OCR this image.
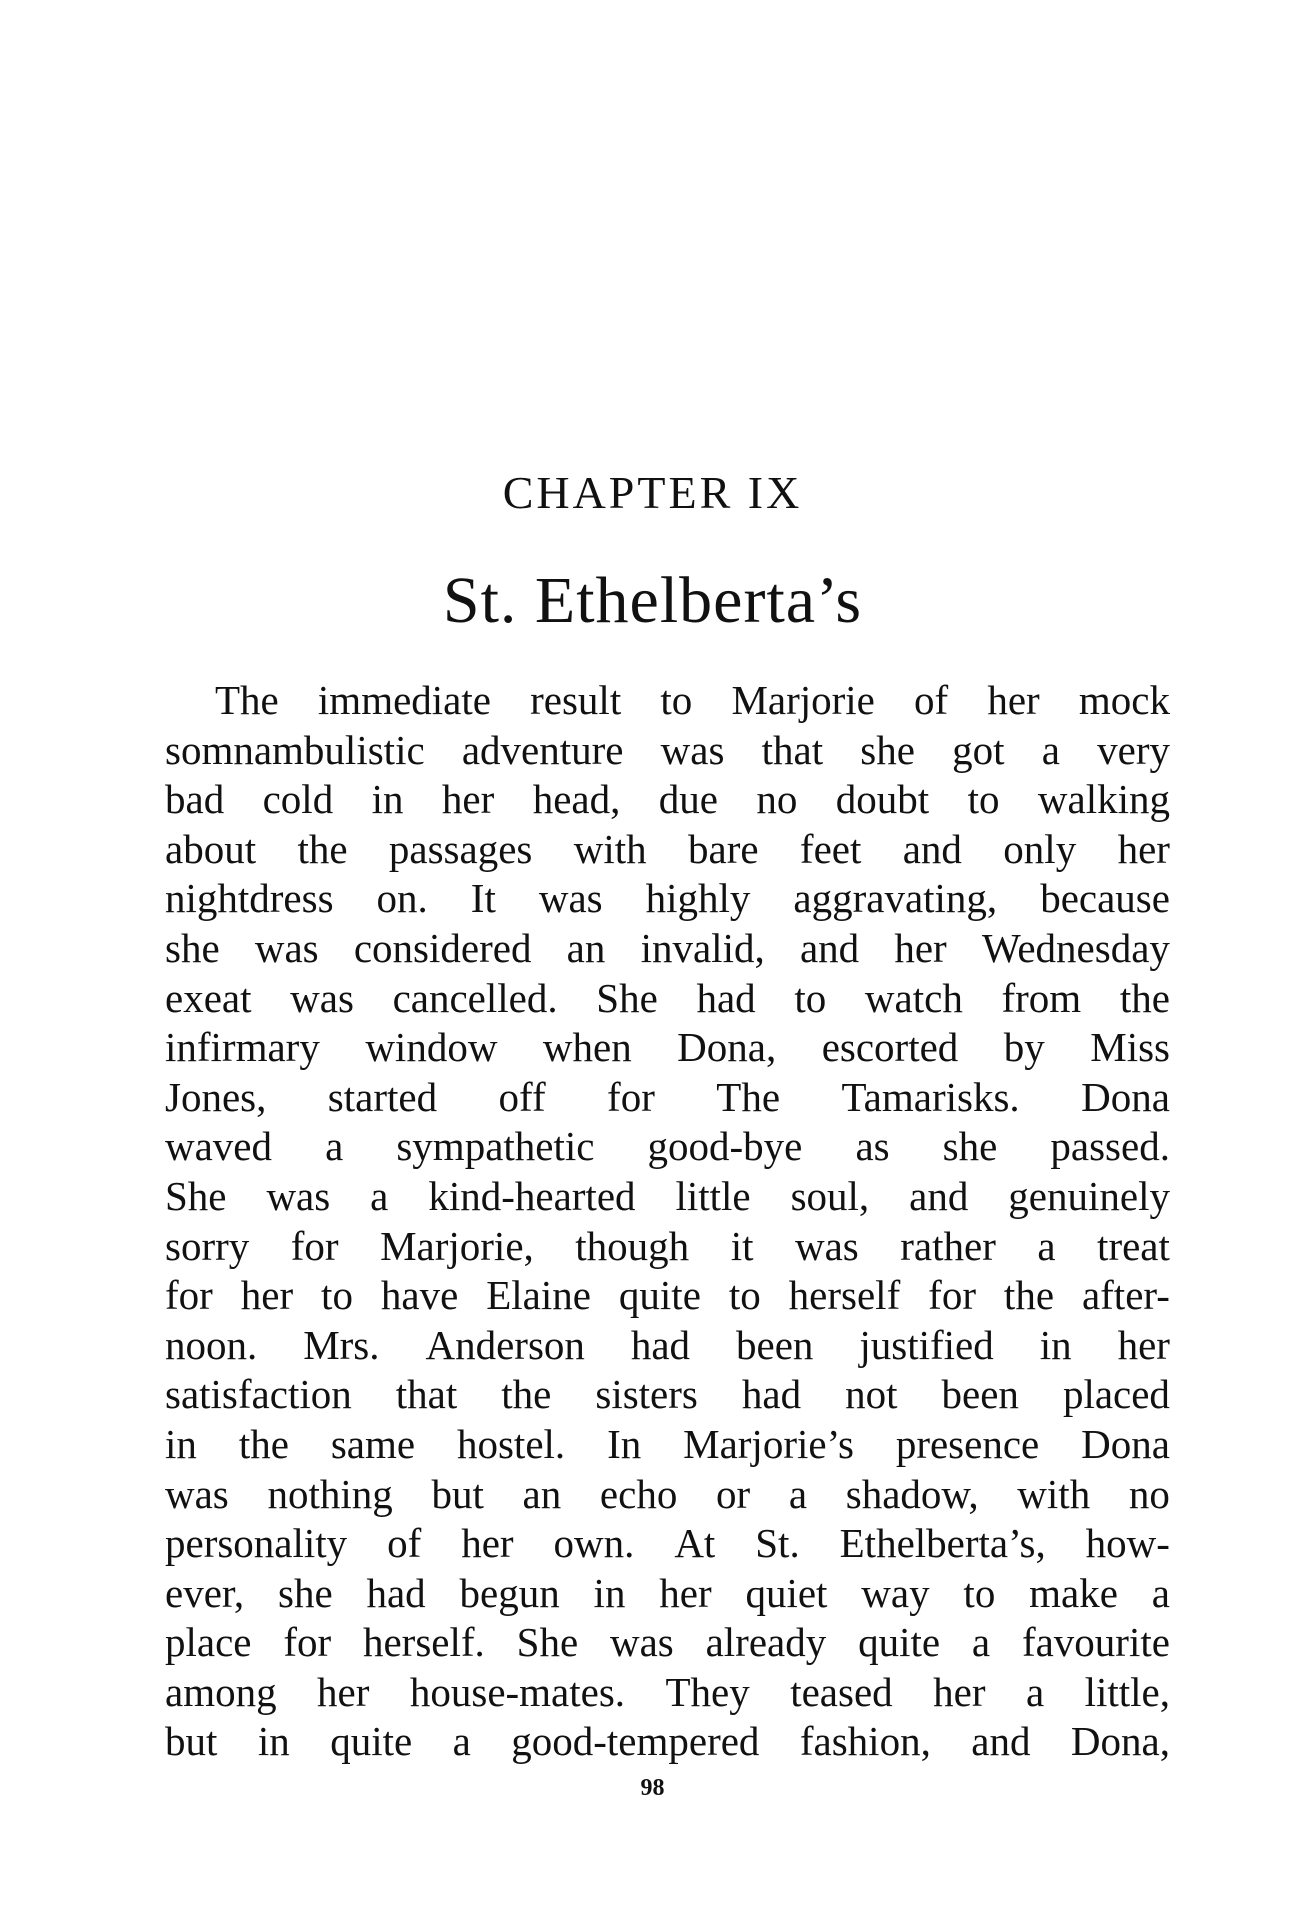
CHAPTER IX
St. Ethelberta’s
The immediate result to Marjorie of her mock
somnambulistic adventure was that she got a very
bad cold in her head, due no doubt to walking
about the passages with bare feet and only her
nightdress on. It was highly aggravating, because
she was considered an invalid, and her Wednesday
exeat was cancelled. She had to watch from the
infirmary window when Dona, escorted by Miss
Jones, started off for The Tamarisks. Dona
waved a sympathetic good-bye as she passed.
She was a kind-hearted little soul, and genuinely
sorry for Marjorie, though it was rather a treat
for her to have Elaine quite to herself for the after-
noon. Mrs. Anderson had been justified in her
satisfaction that the sisters had not been placed
in the same hostel. In Marjorie’s presence Dona
was nothing but an echo or a shadow, with no
personality of her own. At St. Ethelberta’s, how-
ever, she had begun in her quiet way to make a
place for herself. She was already quite a favourite
among her house-mates. They teased her a little,
but in quite a good-tempered fashion, and Dona,
98
